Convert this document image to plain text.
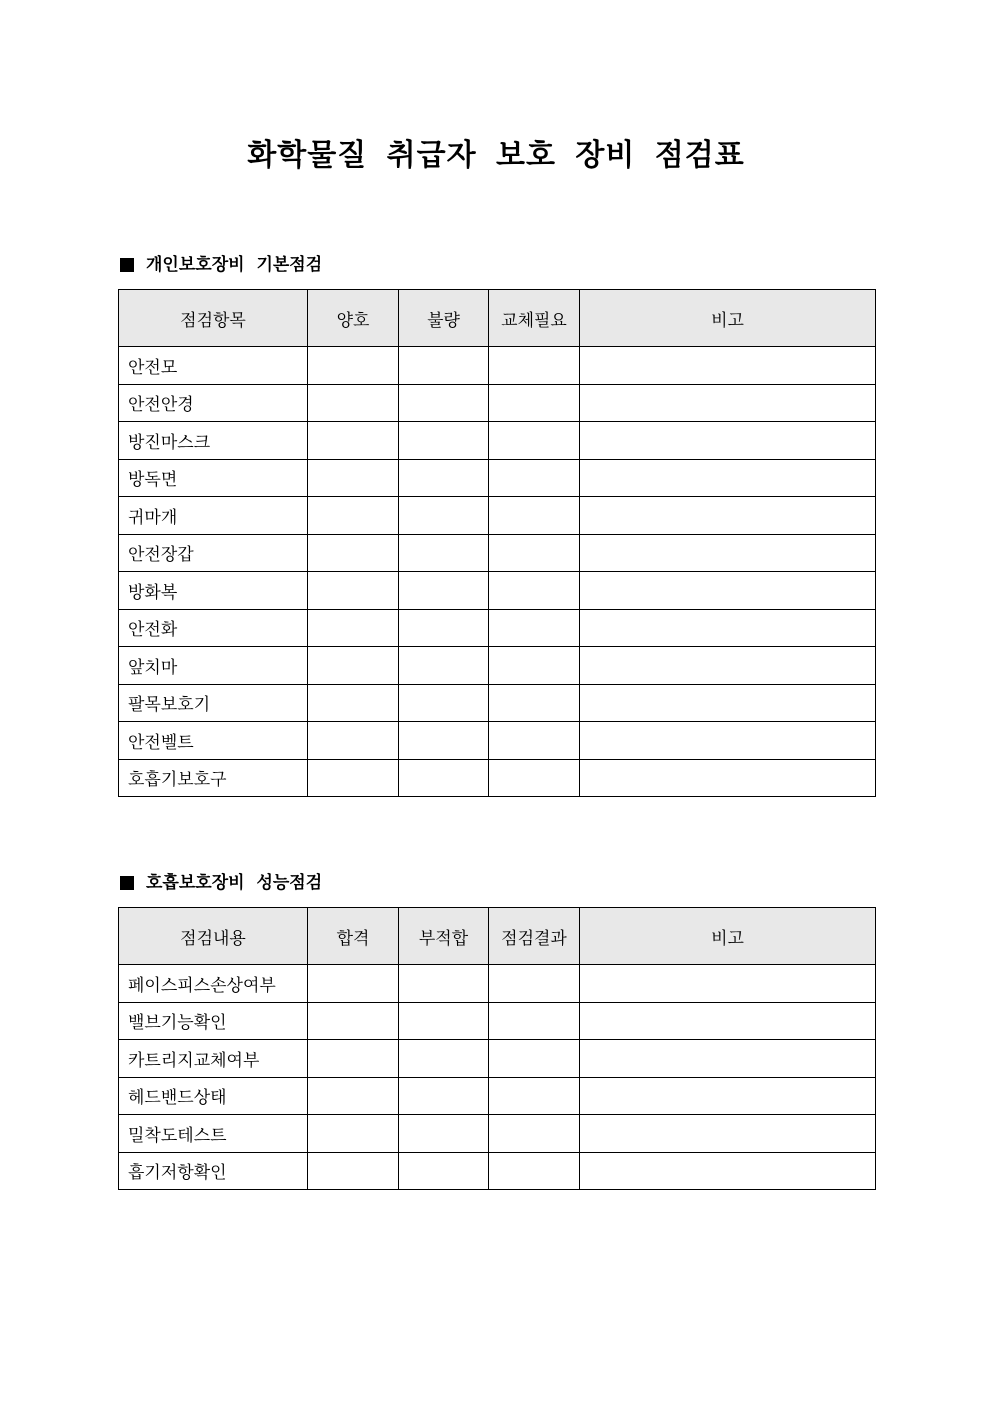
화학물질 취급자 보호 장비 점검표
개인보호장비 기본점검
점검항목	양호	불량	교체필요	비고
안전모				
안전안경				
방진마스크				
방독면				
귀마개				
안전장갑				
방화복				
안전화				
앞치마				
팔목보호기				
안전벨트				
호흡기보호구				
호흡보호장비 성능점검
점검내용	합격	부적합	점검결과	비고
페이스피스손상여부				
밸브기능확인				
카트리지교체여부				
헤드밴드상태				
밀착도테스트				
흡기저항확인				
